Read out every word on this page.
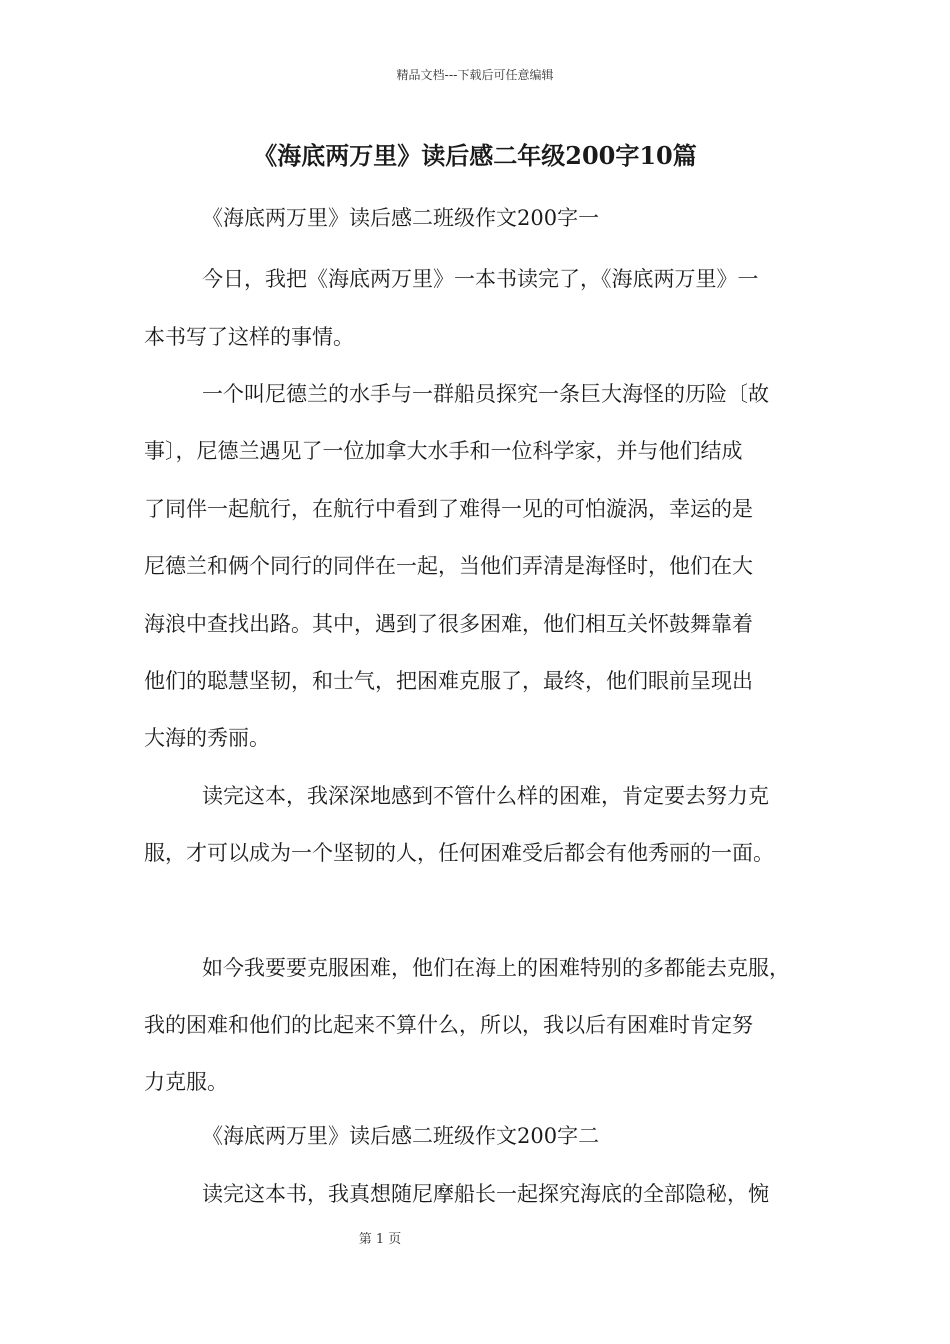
精品文档---下载后可任意编辑
《海底两万里》读后感二年级200字10篇
《海底两万里》读后感二班级作文200字一
今日，我把《海底两万里》一本书读完了，《海底两万里》一
本书写了这样的事情。
一个叫尼德兰的水手与一群船员探究一条巨大海怪的历险〔故
事〕，尼德兰遇见了一位加拿大水手和一位科学家，并与他们结成
了同伴一起航行，在航行中看到了难得一见的可怕漩涡，幸运的是
尼德兰和俩个同行的同伴在一起，当他们弄清是海怪时，他们在大
海浪中查找出路。其中，遇到了很多困难，他们相互关怀鼓舞靠着
他们的聪慧坚韧，和士气，把困难克服了，最终，他们眼前呈现出
大海的秀丽。
读完这本，我深深地感到不管什么样的困难，肯定要去努力克
服，才可以成为一个坚韧的人，任何困难受后都会有他秀丽的一面。
如今我要要克服困难，他们在海上的困难特别的多都能去克服，
我的困难和他们的比起来不算什么，所以，我以后有困难时肯定努
力克服。
《海底两万里》读后感二班级作文200字二
读完这本书，我真想随尼摩船长一起探究海底的全部隐秘，惋
第 1 页
